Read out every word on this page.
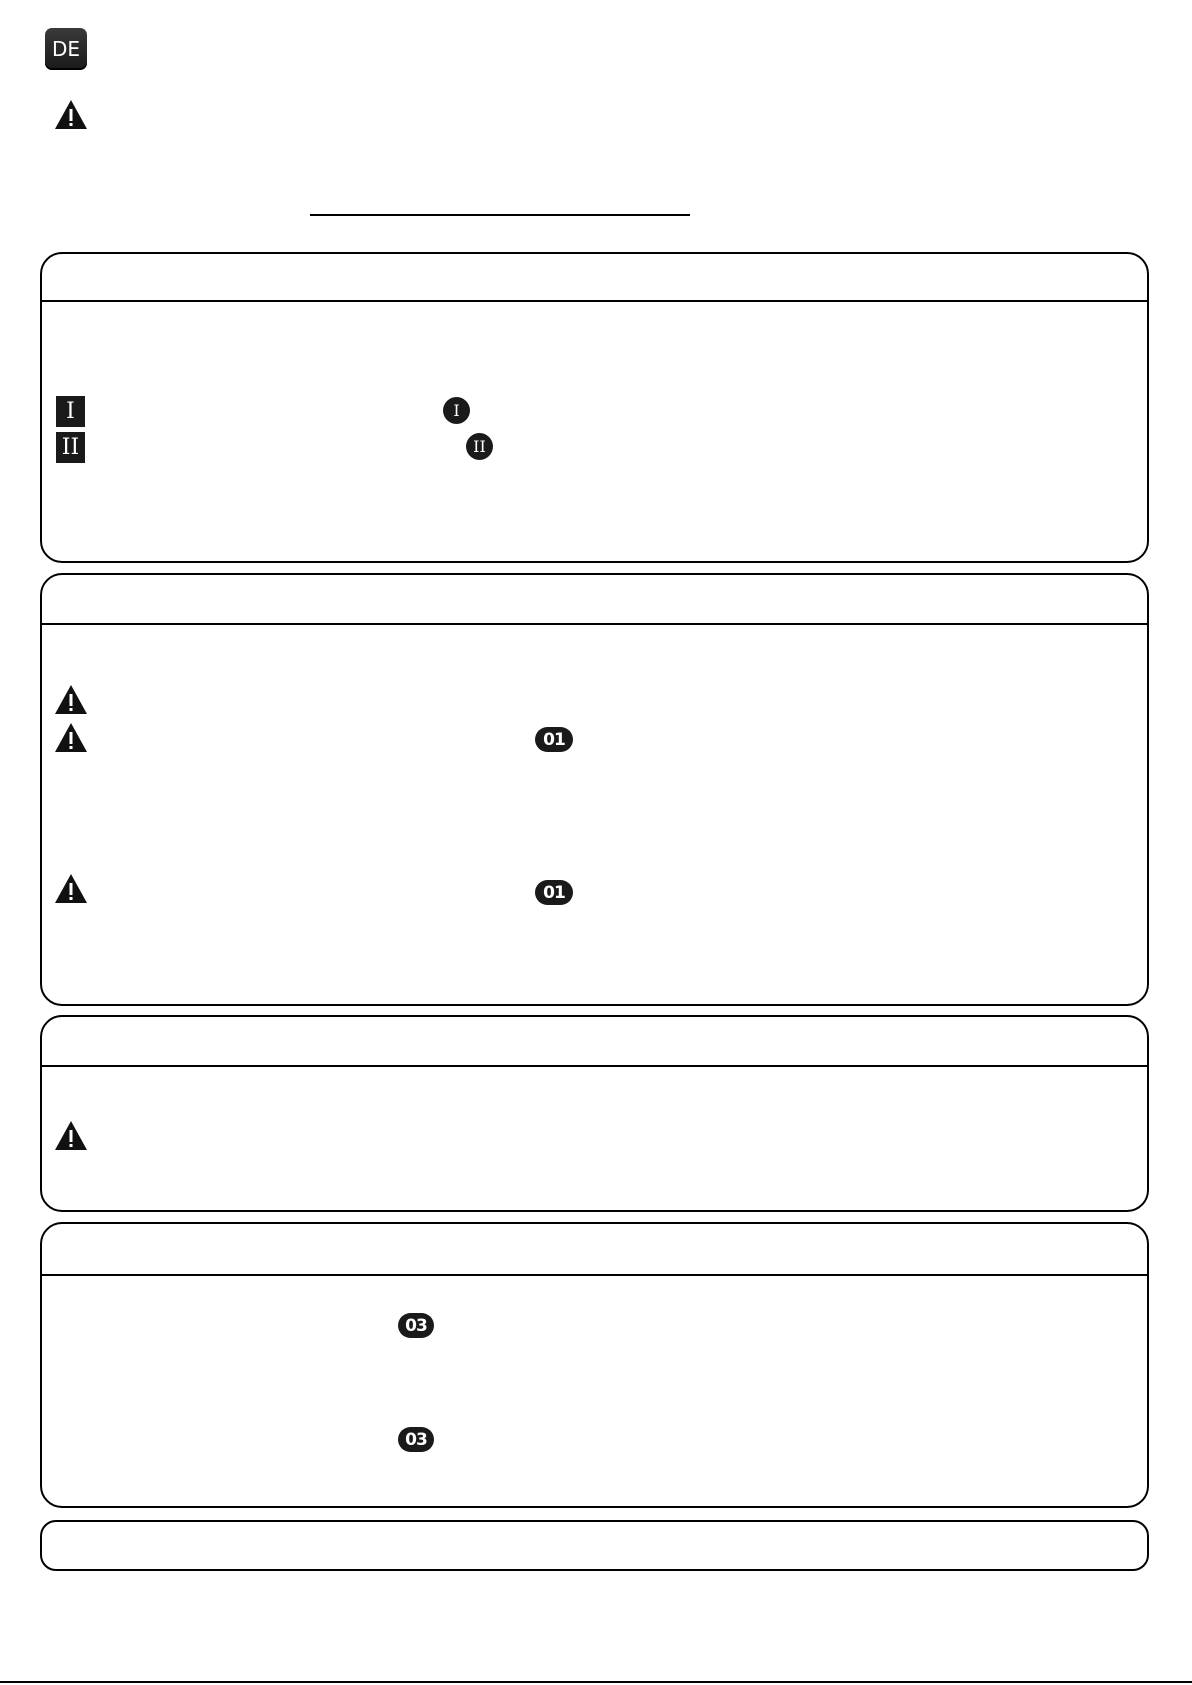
DE
I
II
I
II
01
01
03
03
